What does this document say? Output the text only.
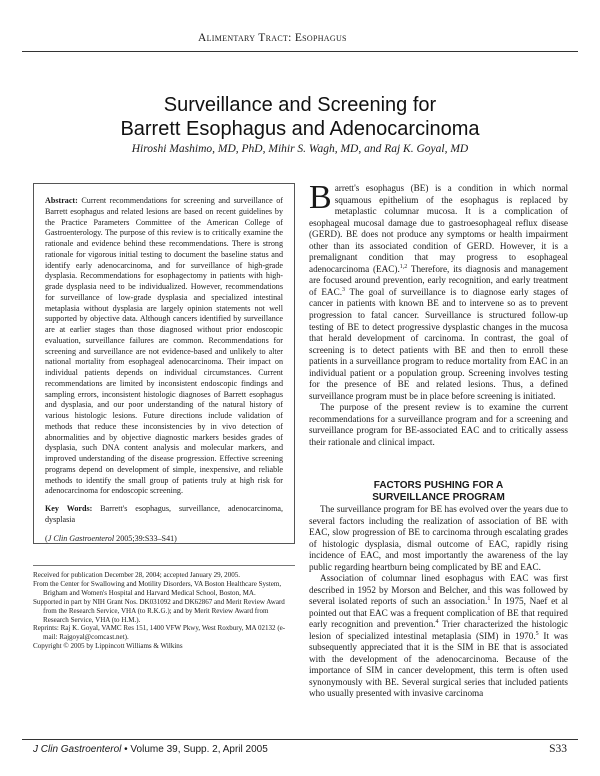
Alimentary Tract: Esophagus
Surveillance and Screening for
Barrett Esophagus and Adenocarcinoma
Hiroshi Mashimo, MD, PhD, Mihir S. Wagh, MD, and Raj K. Goyal, MD

Abstract: Current recommendations for screening and surveillance of Barrett esophagus and related lesions are based on recent guidelines by the Practice Parameters Committee of the American College of Gastroenterology. The purpose of this review is to critically examine the rationale and evidence behind these recommendations. There is strong rationale for vigorous initial testing to document the baseline status and identify early adenocarcinoma, and for surveillance of high-grade dysplasia. Recommendations for esophagectomy in patients with high-grade dysplasia need to be individualized. However, recommendations for surveillance of low-grade dysplasia and specialized intestinal metaplasia without dysplasia are largely opinion statements not well supported by objective data. Although cancers identified by surveillance are at earlier stages than those diagnosed without prior endoscopic evaluation, surveillance failures are common. Recommendations for screening and surveillance are not evidence-based and unlikely to alter national mortality from esophageal adenocarcinoma. Their impact on individual patients depends on individual circumstances. Current recommendations are limited by inconsistent endoscopic findings and sampling errors, inconsistent histologic diagnoses of Barrett esophagus and dysplasia, and our poor understanding of the natural history of various histologic lesions. Future directions include validation of methods that reduce these inconsistencies by in vivo detection of abnormalities and by objective diagnostic markers besides grades of dysplasia, such DNA content analysis and molecular markers, and improved understanding of the disease progression. Effective screening programs depend on development of simple, inexpensive, and reliable methods to identify the small group of patients truly at high risk for adenocarcinoma for endoscopic screening.

Key Words: Barrett's esophagus, surveillance, adenocarcinoma, dysplasia

(J Clin Gastroenterol 2005;39:S33–S41)

Received for publication December 28, 2004; accepted January 29, 2005.

From the Center for Swallowing and Motility Disorders, VA Boston Healthcare System, Brigham and Women's Hospital and Harvard Medical School, Boston, MA.

Supported in part by NIH Grant Nos. DK031092 and DK62867 and Merit Review Award from the Research Service, VHA (to R.K.G.); and by Merit Review Award from Research Service, VHA (to H.M.).

Reprints: Raj K. Goyal, VAMC Res 151, 1400 VFW Pkwy, West Roxbury, MA 02132 (e-mail: Rajgoyal@comcast.net).

Copyright © 2005 by Lippincott Williams & Wilkins

Barrett's esophagus (BE) is a condition in which normal squamous epithelium of the esophagus is replaced by metaplastic columnar mucosa. It is a complication of esophageal mucosal damage due to gastroesophageal reflux disease (GERD). BE does not produce any symptoms or health impairment other than its associated condition of GERD. However, it is a premalignant condition that may progress to esophageal adenocarcinoma (EAC).$^{1,2}$ Therefore, its diagnosis and management are focused around prevention, early recognition, and early treatment of EAC.$^3$ The goal of surveillance is to diagnose early stages of cancer in patients with known BE and to intervene so as to prevent progression to fatal cancer. Surveillance is structured follow-up testing of BE to detect progressive dysplastic changes in the mucosa that herald development of carcinoma. In contrast, the goal of screening is to detect patients with BE and then to enroll these patients in a surveillance program to reduce mortality from EAC in an individual patient or a population group. Screening involves testing for the presence of BE and related lesions. Thus, a defined surveillance program must be in place before screening is initiated.

The purpose of the present review is to examine the current recommendations for a surveillance program and for a screening and surveillance program for BE-associated EAC and to critically assess their rationale and clinical impact.

FACTORS PUSHING FOR A
SURVEILLANCE PROGRAM

The surveillance program for BE has evolved over the years due to several factors including the realization of association of BE with EAC, slow progression of BE to carcinoma through escalating grades of histologic dysplasia, dismal outcome of EAC, rapidly rising incidence of EAC, and most importantly the awareness of the lay public regarding heartburn being complicated by BE and EAC.

Association of columnar lined esophagus with EAC was first described in 1952 by Morson and Belcher, and this was followed by several isolated reports of such an association.$^1$ In 1975, Naef et al pointed out that EAC was a frequent complication of BE that required early recognition and prevention.$^4$ Trier characterized the histologic lesion of specialized intestinal metaplasia (SIM) in 1970.$^5$ It was subsequently appreciated that it is the SIM in BE that is associated with the development of the adenocarcinoma. Because of the importance of SIM in cancer development, this term is often used synonymously with BE. Several surgical series that included patients who usually presented with invasive carcinoma

J Clin Gastroenterol • Volume 39, Supp. 2, April 2005	S33
